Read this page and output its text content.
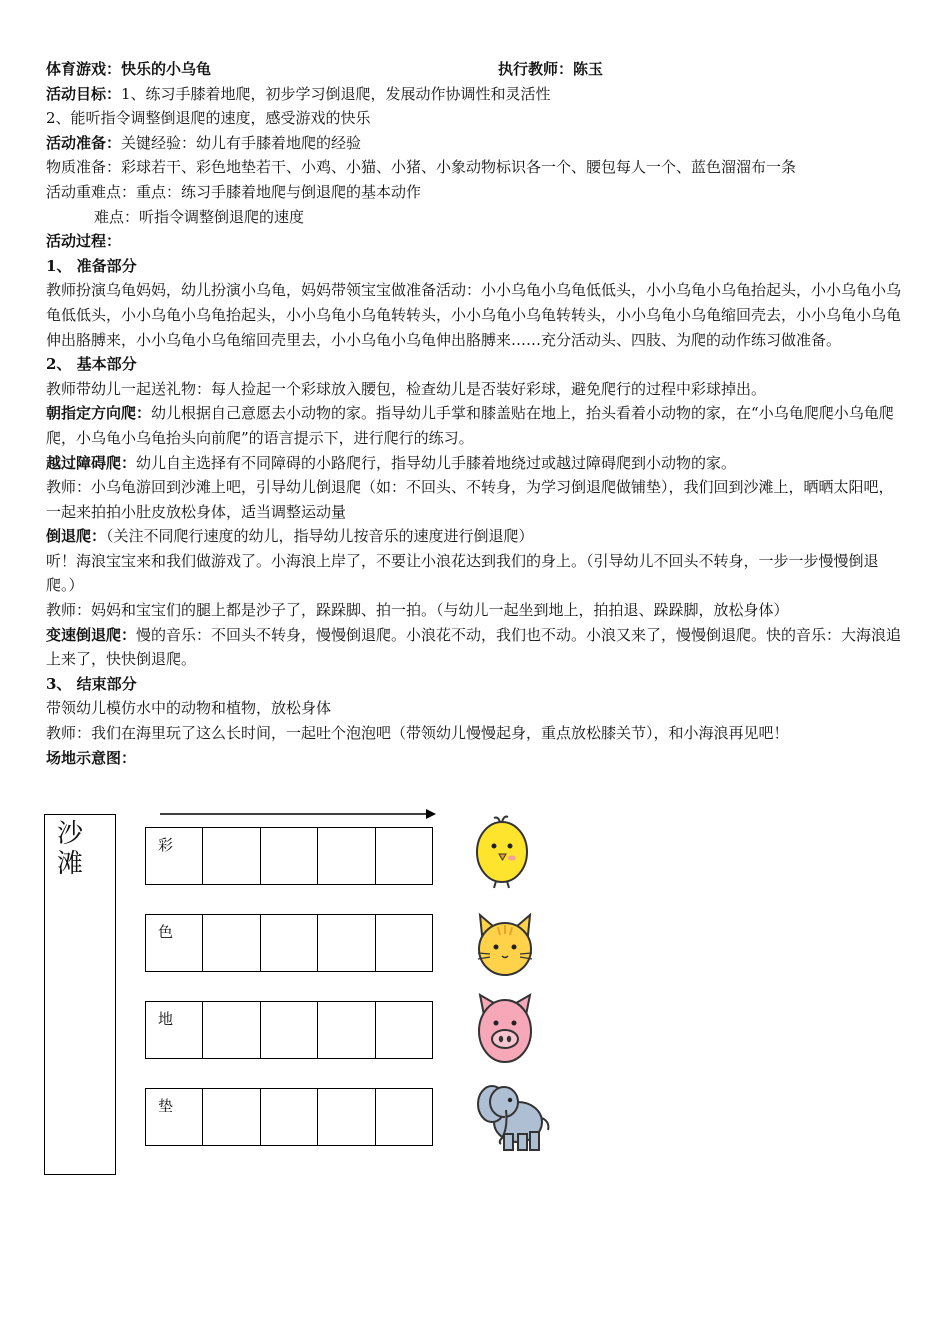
体育游戏：快乐的小乌龟	执行教师：陈玉

活动目标：1、练习手膝着地爬，初步学习倒退爬，发展动作协调性和灵活性

2、能听指令调整倒退爬的速度，感受游戏的快乐

活动准备：关键经验：幼儿有手膝着地爬的经验

物质准备：彩球若干、彩色地垫若干、小鸡、小猫、小猪、小象动物标识各一个、腰包每人一个、蓝色溜溜布一条

活动重难点：重点：练习手膝着地爬与倒退爬的基本动作

难点：听指令调整倒退爬的速度

活动过程：

1、 准备部分

教师扮演乌龟妈妈，幼儿扮演小乌龟，妈妈带领宝宝做准备活动：小小乌龟小乌龟低低头，小小乌龟小乌龟抬起头，小小乌龟小乌龟低低头，小小乌龟小乌龟抬起头，小小乌龟小乌龟转转头，小小乌龟小乌龟转转头，小小乌龟小乌龟缩回壳去，小小乌龟小乌龟伸出胳膊来，小小乌龟小乌龟缩回壳里去，小小乌龟小乌龟伸出胳膊来……充分活动头、四肢、为爬的动作练习做准备。

2、 基本部分

教师带幼儿一起送礼物：每人捡起一个彩球放入腰包，检查幼儿是否装好彩球，避免爬行的过程中彩球掉出。

朝指定方向爬：幼儿根据自己意愿去小动物的家。指导幼儿手掌和膝盖贴在地上，抬头看着小动物的家，在“小乌龟爬爬小乌龟爬爬，小乌龟小乌龟抬头向前爬”的语言提示下，进行爬行的练习。

越过障碍爬：幼儿自主选择有不同障碍的小路爬行，指导幼儿手膝着地绕过或越过障碍爬到小动物的家。

教师：小乌龟游回到沙滩上吧，引导幼儿倒退爬（如：不回头、不转身，为学习倒退爬做铺垫），我们回到沙滩上，晒晒太阳吧，一起来拍拍小肚皮放松身体，适当调整运动量

倒退爬：（关注不同爬行速度的幼儿，指导幼儿按音乐的速度进行倒退爬）

听！海浪宝宝来和我们做游戏了。小海浪上岸了，不要让小浪花达到我们的身上。（引导幼儿不回头不转身，一步一步慢慢倒退爬。）

教师：妈妈和宝宝们的腿上都是沙子了，跺跺脚、拍一拍。（与幼儿一起坐到地上，拍拍退、跺跺脚，放松身体）

变速倒退爬：慢的音乐：不回头不转身，慢慢倒退爬。小浪花不动，我们也不动。小浪又来了，慢慢倒退爬。快的音乐：大海浪追上来了，快快倒退爬。

3、 结束部分

带领幼儿模仿水中的动物和植物，放松身体

教师：我们在海里玩了这么长时间，一起吐个泡泡吧（带领幼儿慢慢起身，重点放松膝关节），和小海浪再见吧！

场地示意图：

沙滩
彩
色
地
垫
